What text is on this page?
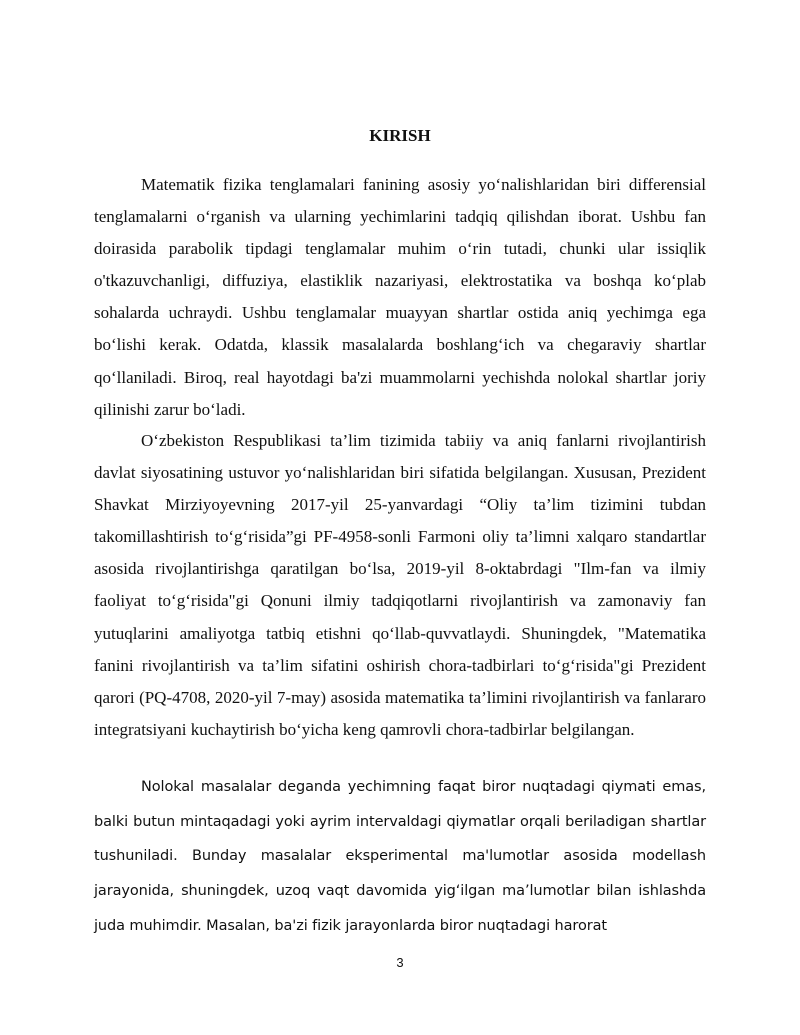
KIRISH

Matematik fizika tenglamalari fanining asosiy yo‘nalishlaridan biri differensial tenglamalarni o‘rganish va ularning yechimlarini tadqiq qilishdan iborat. Ushbu fan doirasida parabolik tipdagi tenglamalar muhim o‘rin tutadi, chunki ular issiqlik o'tkazuvchanligi, diffuziya, elastiklik nazariyasi, elektrostatika va boshqa ko‘plab sohalarda uchraydi. Ushbu tenglamalar muayyan shartlar ostida aniq yechimga ega bo‘lishi kerak. Odatda, klassik masalalarda boshlang‘ich va chegaraviy shartlar qo‘llaniladi. Biroq, real hayotdagi ba'zi muammolarni yechishda nolokal shartlar joriy qilinishi zarur bo‘ladi.

O‘zbekiston Respublikasi ta’lim tizimida tabiiy va aniq fanlarni rivojlantirish davlat siyosatining ustuvor yo‘nalishlaridan biri sifatida belgilangan. Xususan, Prezident Shavkat Mirziyoyevning 2017-yil 25-yanvardagi “Oliy ta’lim tizimini tubdan takomillashtirish to‘g‘risida”gi PF-4958-sonli Farmoni oliy ta’limni xalqaro standartlar asosida rivojlantirishga qaratilgan bo‘lsa, 2019-yil 8-oktabrdagi "Ilm-fan va ilmiy faoliyat to‘g‘risida"gi Qonuni ilmiy tadqiqotlarni rivojlantirish va zamonaviy fan yutuqlarini amaliyotga tatbiq etishni qo‘llab-quvvatlaydi. Shuningdek, "Matematika fanini rivojlantirish va ta’lim sifatini oshirish chora-tadbirlari to‘g‘risida"gi Prezident qarori (PQ-4708, 2020-yil 7-may) asosida matematika ta’limini rivojlantirish va fanlararo integratsiyani kuchaytirish bo‘yicha keng qamrovli chora-tadbirlar belgilangan.

Nolokal masalalar deganda yechimning faqat biror nuqtadagi qiymati emas, balki butun mintaqadagi yoki ayrim intervaldagi qiymatlar orqali beriladigan shartlar tushuniladi. Bunday masalalar eksperimental ma'lumotlar asosida modellash jarayonida, shuningdek, uzoq vaqt davomida yig‘ilgan ma’lumotlar bilan ishlashda juda muhimdir. Masalan, ba'zi fizik jarayonlarda biror nuqtadagi harorat

3
